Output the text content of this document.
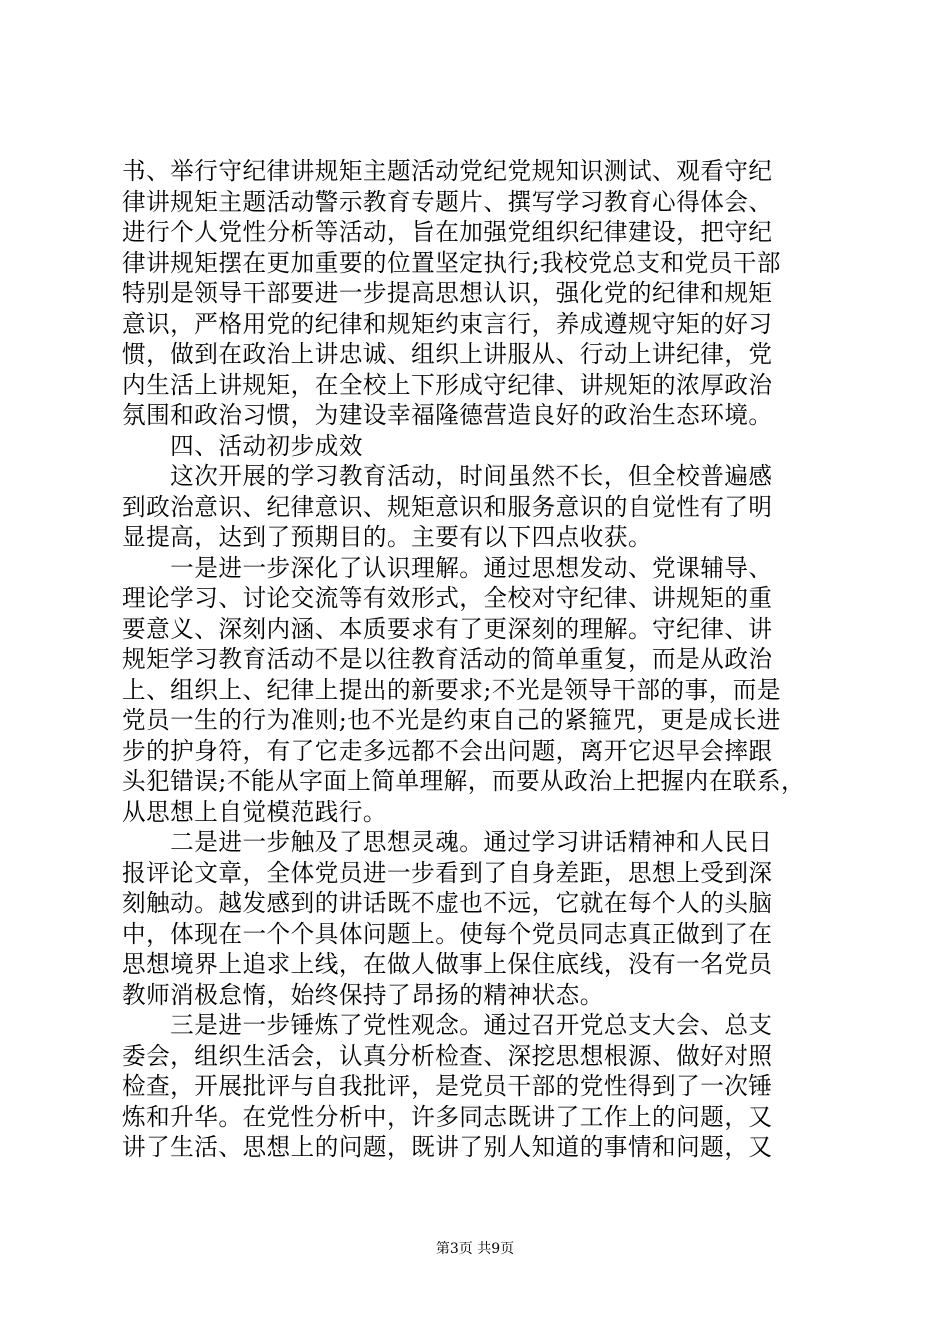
书、举行守纪律讲规矩主题活动党纪党规知识测试、观看守纪
律讲规矩主题活动警示教育专题片、撰写学习教育心得体会、
进行个人党性分析等活动，旨在加强党组织纪律建设，把守纪
律讲规矩摆在更加重要的位置坚定执行;我校党总支和党员干部
特别是领导干部要进一步提高思想认识，强化党的纪律和规矩
意识，严格用党的纪律和规矩约束言行，养成遵规守矩的好习
惯，做到在政治上讲忠诚、组织上讲服从、行动上讲纪律，党
内生活上讲规矩，在全校上下形成守纪律、讲规矩的浓厚政治
氛围和政治习惯，为建设幸福隆德营造良好的政治生态环境。
　　四、活动初步成效
　　这次开展的学习教育活动，时间虽然不长，但全校普遍感
到政治意识、纪律意识、规矩意识和服务意识的自觉性有了明
显提高，达到了预期目的。主要有以下四点收获。
　　一是进一步深化了认识理解。通过思想发动、党课辅导、
理论学习、讨论交流等有效形式，全校对守纪律、讲规矩的重
要意义、深刻内涵、本质要求有了更深刻的理解。守纪律、讲
规矩学习教育活动不是以往教育活动的简单重复，而是从政治
上、组织上、纪律上提出的新要求;不光是领导干部的事，而是
党员一生的行为准则;也不光是约束自己的紧箍咒，更是成长进
步的护身符，有了它走多远都不会出问题，离开它迟早会摔跟
头犯错误;不能从字面上简单理解，而要从政治上把握内在联系，
从思想上自觉模范践行。
　　二是进一步触及了思想灵魂。通过学习讲话精神和人民日
报评论文章，全体党员进一步看到了自身差距，思想上受到深
刻触动。越发感到的讲话既不虚也不远，它就在每个人的头脑
中，体现在一个个具体问题上。使每个党员同志真正做到了在
思想境界上追求上线，在做人做事上保住底线，没有一名党员
教师消极怠惰，始终保持了昂扬的精神状态。
　　三是进一步锤炼了党性观念。通过召开党总支大会、总支
委会，组织生活会，认真分析检查、深挖思想根源、做好对照
检查，开展批评与自我批评，是党员干部的党性得到了一次锤
炼和升华。在党性分析中，许多同志既讲了工作上的问题，又
讲了生活、思想上的问题，既讲了别人知道的事情和问题，又
第3页 共9页
